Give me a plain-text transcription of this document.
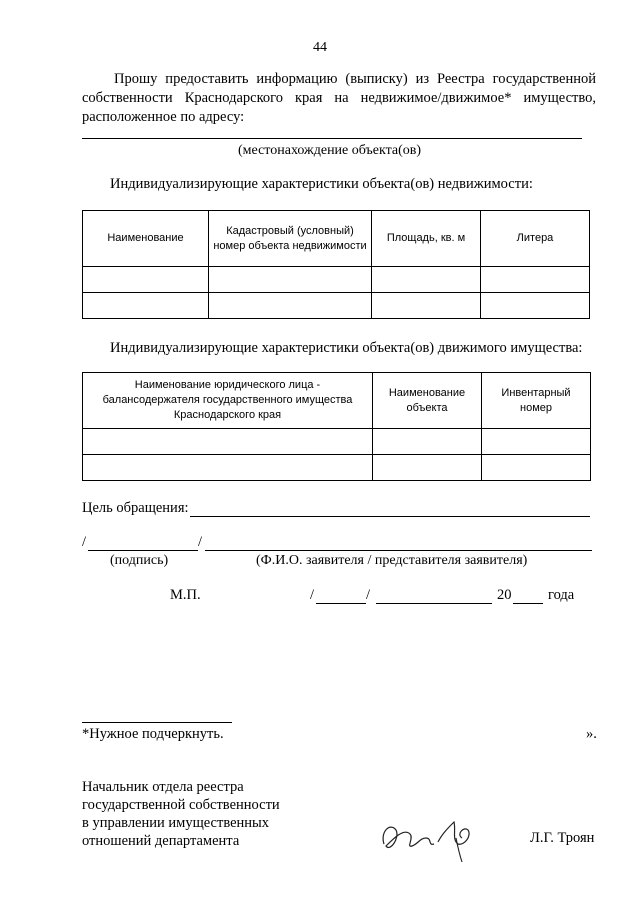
44

Прошу предоставить информацию (выписку) из Реестра государственной собственности Краснодарского края на недвижимое/движимое* имущество, расположенное по адресу:

(местонахождение объекта(ов)
Индивидуализирующие характеристики объекта(ов) недвижимости:
Наименование	Кадастровый (условный) номер объекта недвижимости	Площадь, кв. м	Литера

Индивидуализирующие характеристики объекта(ов) движимого имущества:
Наименование юридического лица - балансодержателя государственного имущества Краснодарского края	Наименование объекта	Инвентарный номер

Цель обращения:
/	/
(подпись)	(Ф.И.О. заявителя / представителя заявителя)
М.П.	/	/	20	года
*Нужное подчеркнуть.	».
Начальник отдела реестра
государственной собственности
в управлении имущественных
отношений департамента	Л.Г. Троян
